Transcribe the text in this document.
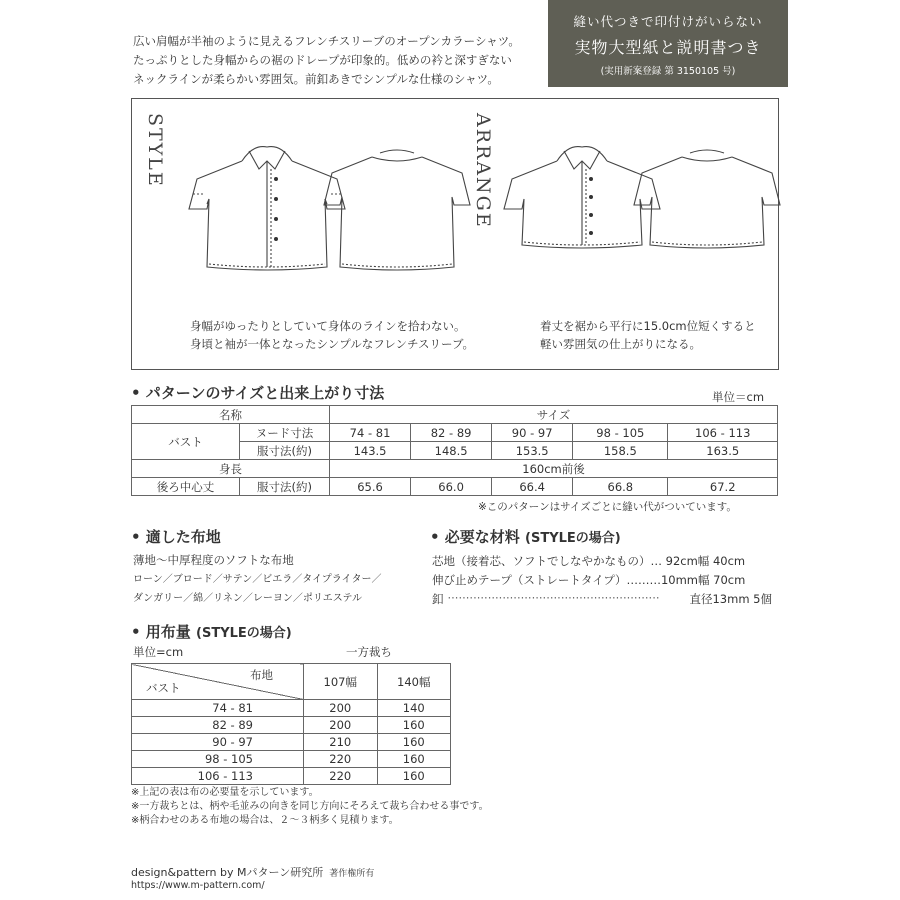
広い肩幅が半袖のように見えるフレンチスリーブのオープンカラーシャツ。
たっぷりとした身幅からの裾のドレープが印象的。低めの衿と深すぎない
ネックラインが柔らかい雰囲気。前釦あきでシンプルな仕様のシャツ。
縫い代つきで印付けがいらない
実物大型紙と説明書つき
(実用新案登録 第 3150105 号)
STYLE	ARRANGE
身幅がゆったりとしていて身体のラインを拾わない。
身頃と袖が一体となったシンプルなフレンチスリーブ。
着丈を裾から平行に15.0cm位短くすると
軽い雰囲気の仕上がりになる。
• パターンのサイズと出来上がり寸法	単位＝cm
名称		サイズ				
バスト	ヌード寸法	74 - 81	82 - 89	90 - 97	98 - 105	106 - 113
	服寸法(約)	143.5	148.5	153.5	158.5	163.5
身長		160cm前後				
後ろ中心丈	服寸法(約)	65.6	66.0	66.4	66.8	67.2
※このパターンはサイズごとに縫い代がついています。
• 適した布地
薄地～中厚程度のソフトな布地
ローン／ブロード／サテン／ビエラ／タイプライター／
ダンガリー／綿／リネン／レーヨン／ポリエステル
• 必要な材料 (STYLEの場合)
芯地（接着芯、ソフトでしなやかなもの）… 92cm幅 40cm
伸び止めテープ（ストレートタイプ）………10mm幅 70cm
釦 ··························································	直径13mm 5個
• 用布量 (STYLEの場合)
単位=cm	一方裁ち
布地
バスト	107幅	140幅
74 - 81	200	140
82 - 89	200	160
90 - 97	210	160
98 - 105	220	160
106 - 113	220	160
※上記の表は布の必要量を示しています。
※一方裁ちとは、柄や毛並みの向きを同じ方向にそろえて裁ち合わせる事です。
※柄合わせのある布地の場合は、２～３柄多く見積ります。
design&pattern by Mパターン研究所 著作権所有
https://www.m-pattern.com/
